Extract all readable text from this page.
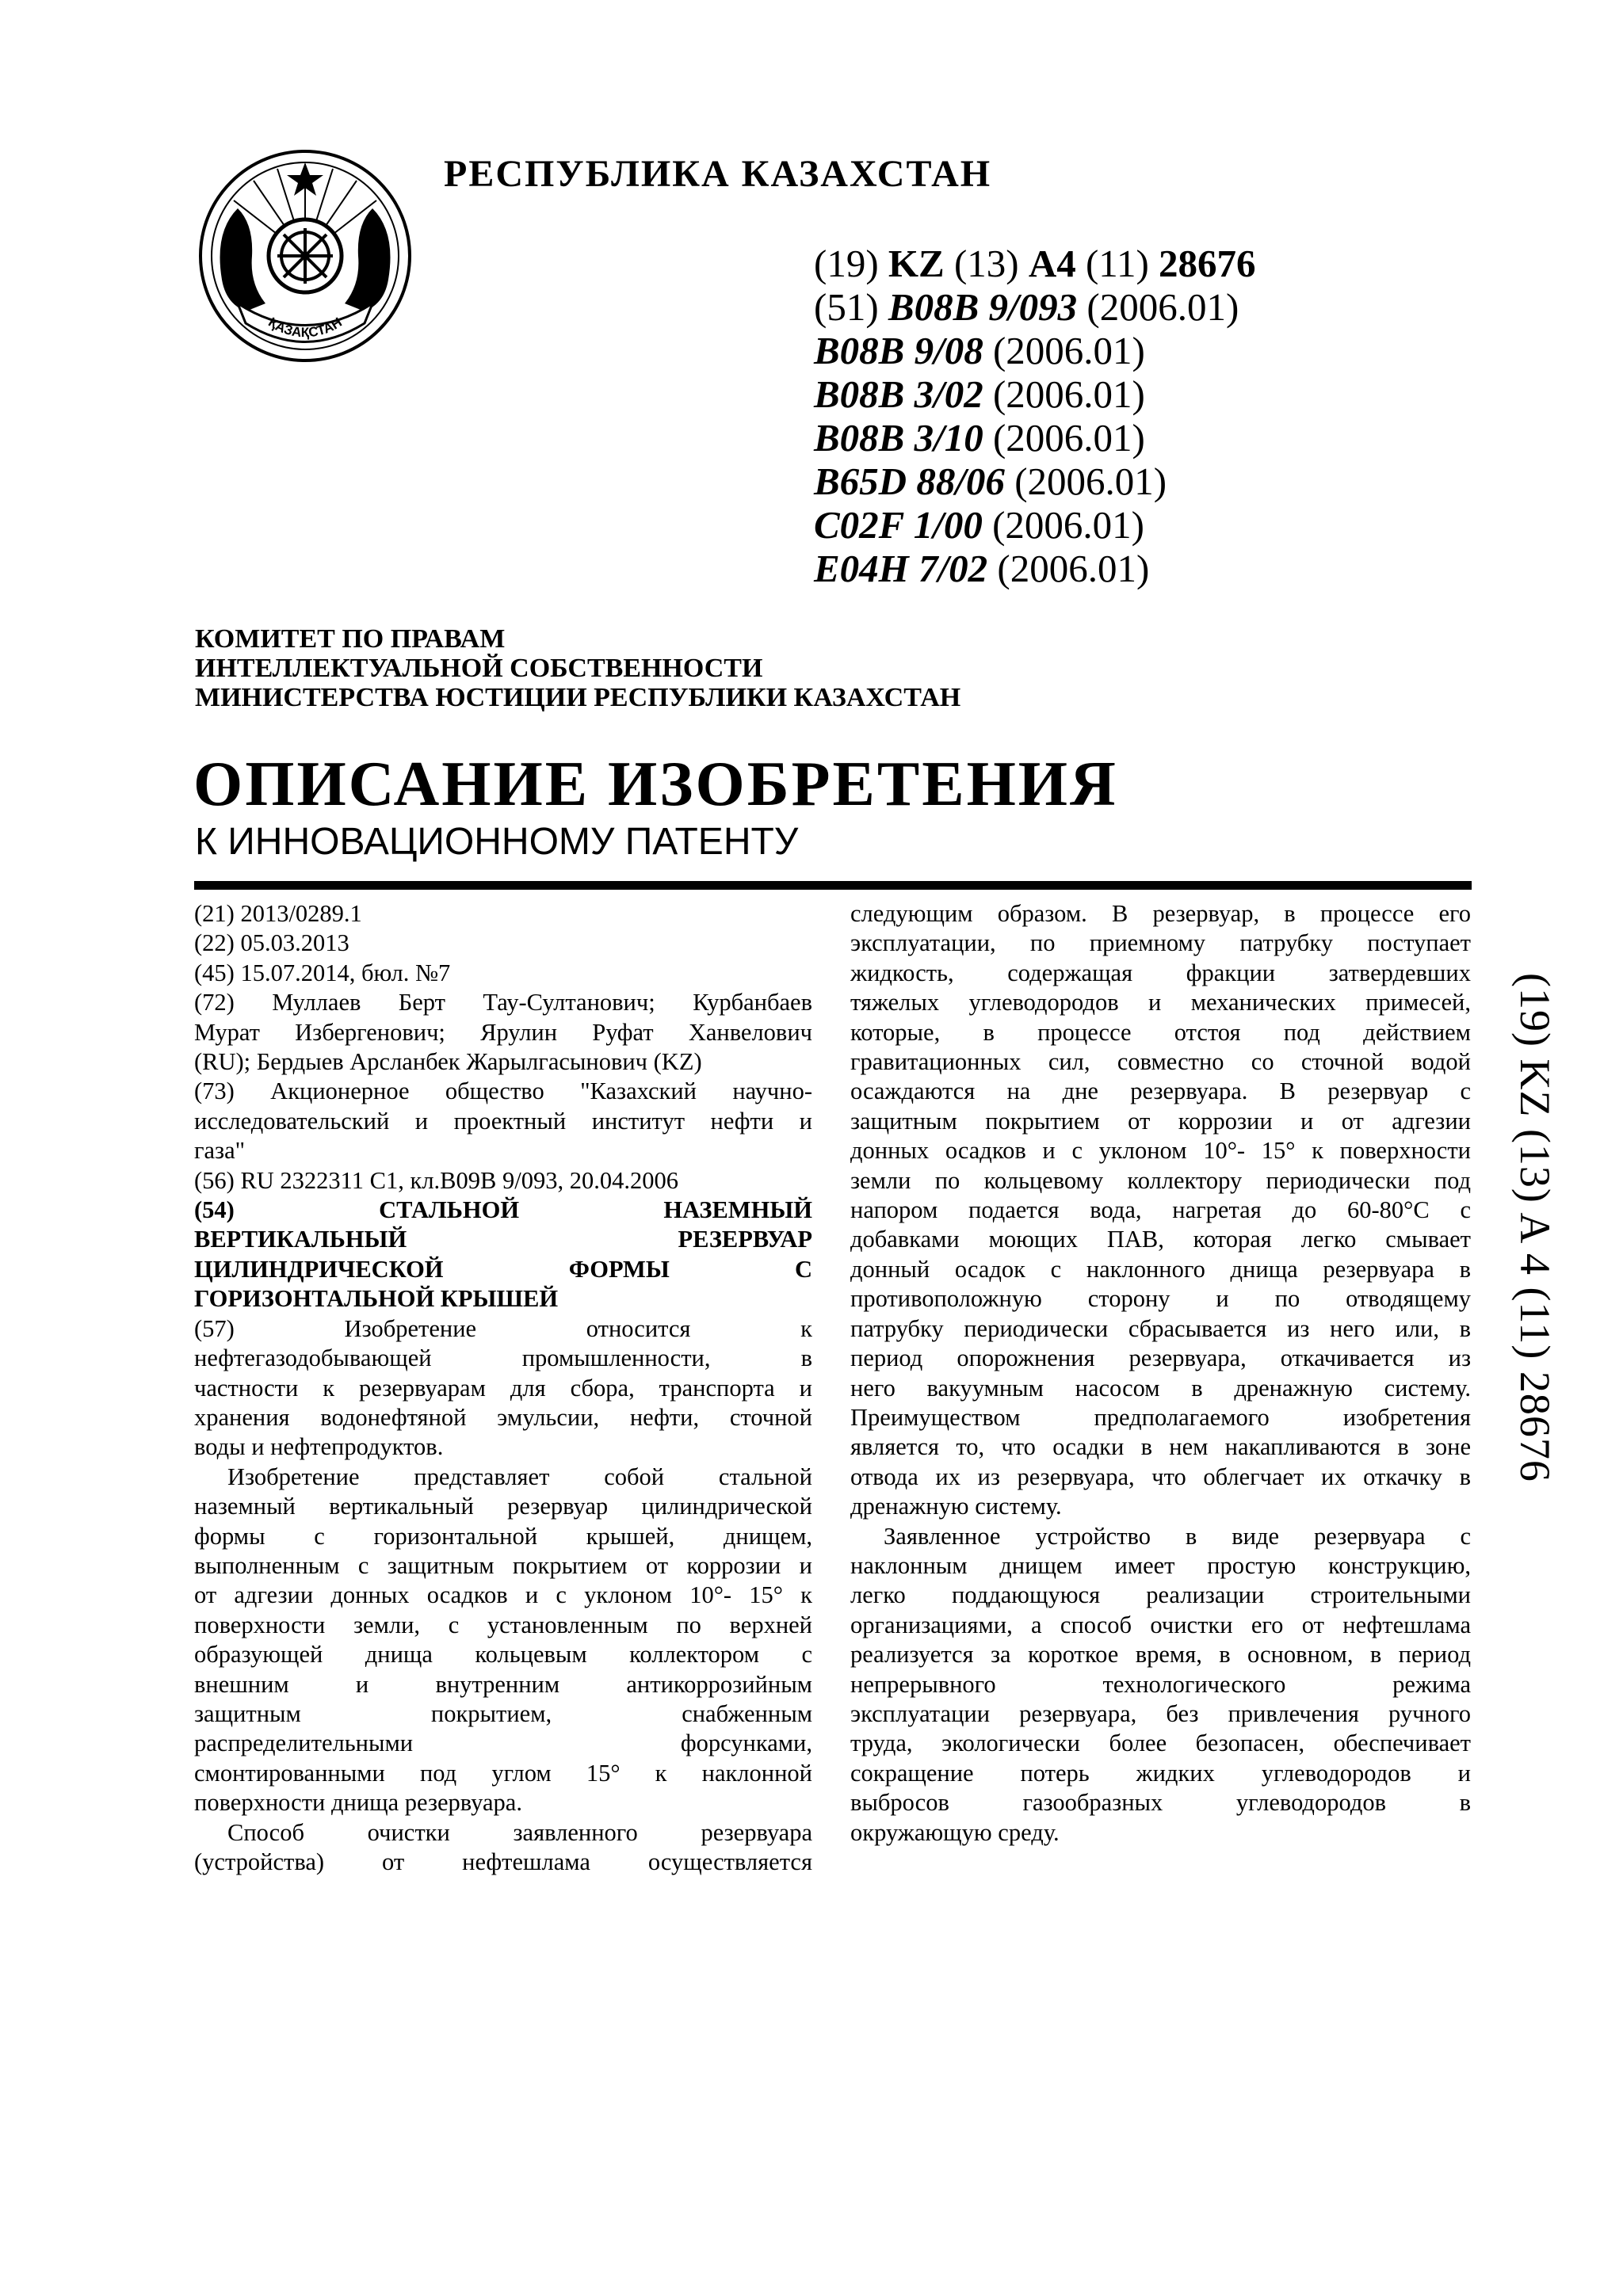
ҚАЗАҚСТАН
РЕСПУБЛИКА КАЗАХСТАН
(19) KZ (13) A4 (11) 28676
(51) B08B 9/093 (2006.01)
B08B 9/08 (2006.01)
B08B 3/02 (2006.01)
B08B 3/10 (2006.01)
B65D 88/06 (2006.01)
C02F 1/00 (2006.01)
E04H 7/02 (2006.01)
КОМИТЕТ ПО ПРАВАМ
ИНТЕЛЛЕКТУАЛЬНОЙ СОБСТВЕННОСТИ
МИНИСТЕРСТВА ЮСТИЦИИ РЕСПУБЛИКИ КАЗАХСТАН
ОПИСАНИЕ ИЗОБРЕТЕНИЯ
К ИННОВАЦИОННОМУ ПАТЕНТУ
(21) 2013/0289.1
(22) 05.03.2013
(45) 15.07.2014, бюл. №7
(72) Муллаев Берт Тау-Султанович; Курбанбаев
Мурат Избергенович; Ярулин Руфат Ханвелович
(RU); Бердыев Арсланбек Жарылгасынович (KZ)
(73) Акционерное общество "Казахский научно-
исследовательский и проектный институт нефти и
газа"
(56) RU 2322311 C1, кл.B09B 9/093, 20.04.2006
(54) СТАЛЬНОЙ НАЗЕМНЫЙ
ВЕРТИКАЛЬНЫЙ РЕЗЕРВУАР
ЦИЛИНДРИЧЕСКОЙ ФОРМЫ С
ГОРИЗОНТАЛЬНОЙ КРЫШЕЙ
(57) Изобретение относится к
нефтегазодобывающей промышленности, в
частности к резервуарам для сбора, транспорта и
хранения водонефтяной эмульсии, нефти, сточной
воды и нефтепродуктов.
Изобретение представляет собой стальной
наземный вертикальный резервуар цилиндрической
формы с горизонтальной крышей, днищем,
выполненным с защитным покрытием от коррозии и
от адгезии донных осадков и с уклоном 10°- 15° к
поверхности земли, с установленным по верхней
образующей днища кольцевым коллектором с
внешним и внутренним антикоррозийным
защитным покрытием, снабженным
распределительными форсунками,
смонтированными под углом 15° к наклонной
поверхности днища резервуара.
Способ очистки заявленного резервуара
(устройства) от нефтешлама осуществляется
следующим образом. В резервуар, в процессе его
эксплуатации, по приемному патрубку поступает
жидкость, содержащая фракции затвердевших
тяжелых углеводородов и механических примесей,
которые, в процессе отстоя под действием
гравитационных сил, совместно со сточной водой
осаждаются на дне резервуара. В резервуар с
защитным покрытием от коррозии и от адгезии
донных осадков и с уклоном 10°- 15° к поверхности
земли по кольцевому коллектору периодически под
напором подается вода, нагретая до 60-80°С с
добавками моющих ПАВ, которая легко смывает
донный осадок с наклонного днища резервуара в
противоположную сторону и по отводящему
патрубку периодически сбрасывается из него или, в
период опорожнения резервуара, откачивается из
него вакуумным насосом в дренажную систему.
Преимуществом предполагаемого изобретения
является то, что осадки в нем накапливаются в зоне
отвода их из резервуара, что облегчает их откачку в
дренажную систему.
Заявленное устройство в виде резервуара с
наклонным днищем имеет простую конструкцию,
легко поддающуюся реализации строительными
организациями, а способ очистки его от нефтешлама
реализуется за короткое время, в основном, в период
непрерывного технологического режима
эксплуатации резервуара, без привлечения ручного
труда, экологически более безопасен, обеспечивает
сокращение потерь жидких углеводородов и
выбросов газообразных углеводородов в
окружающую среду.
(19) KZ (13) A 4 (11) 28676
